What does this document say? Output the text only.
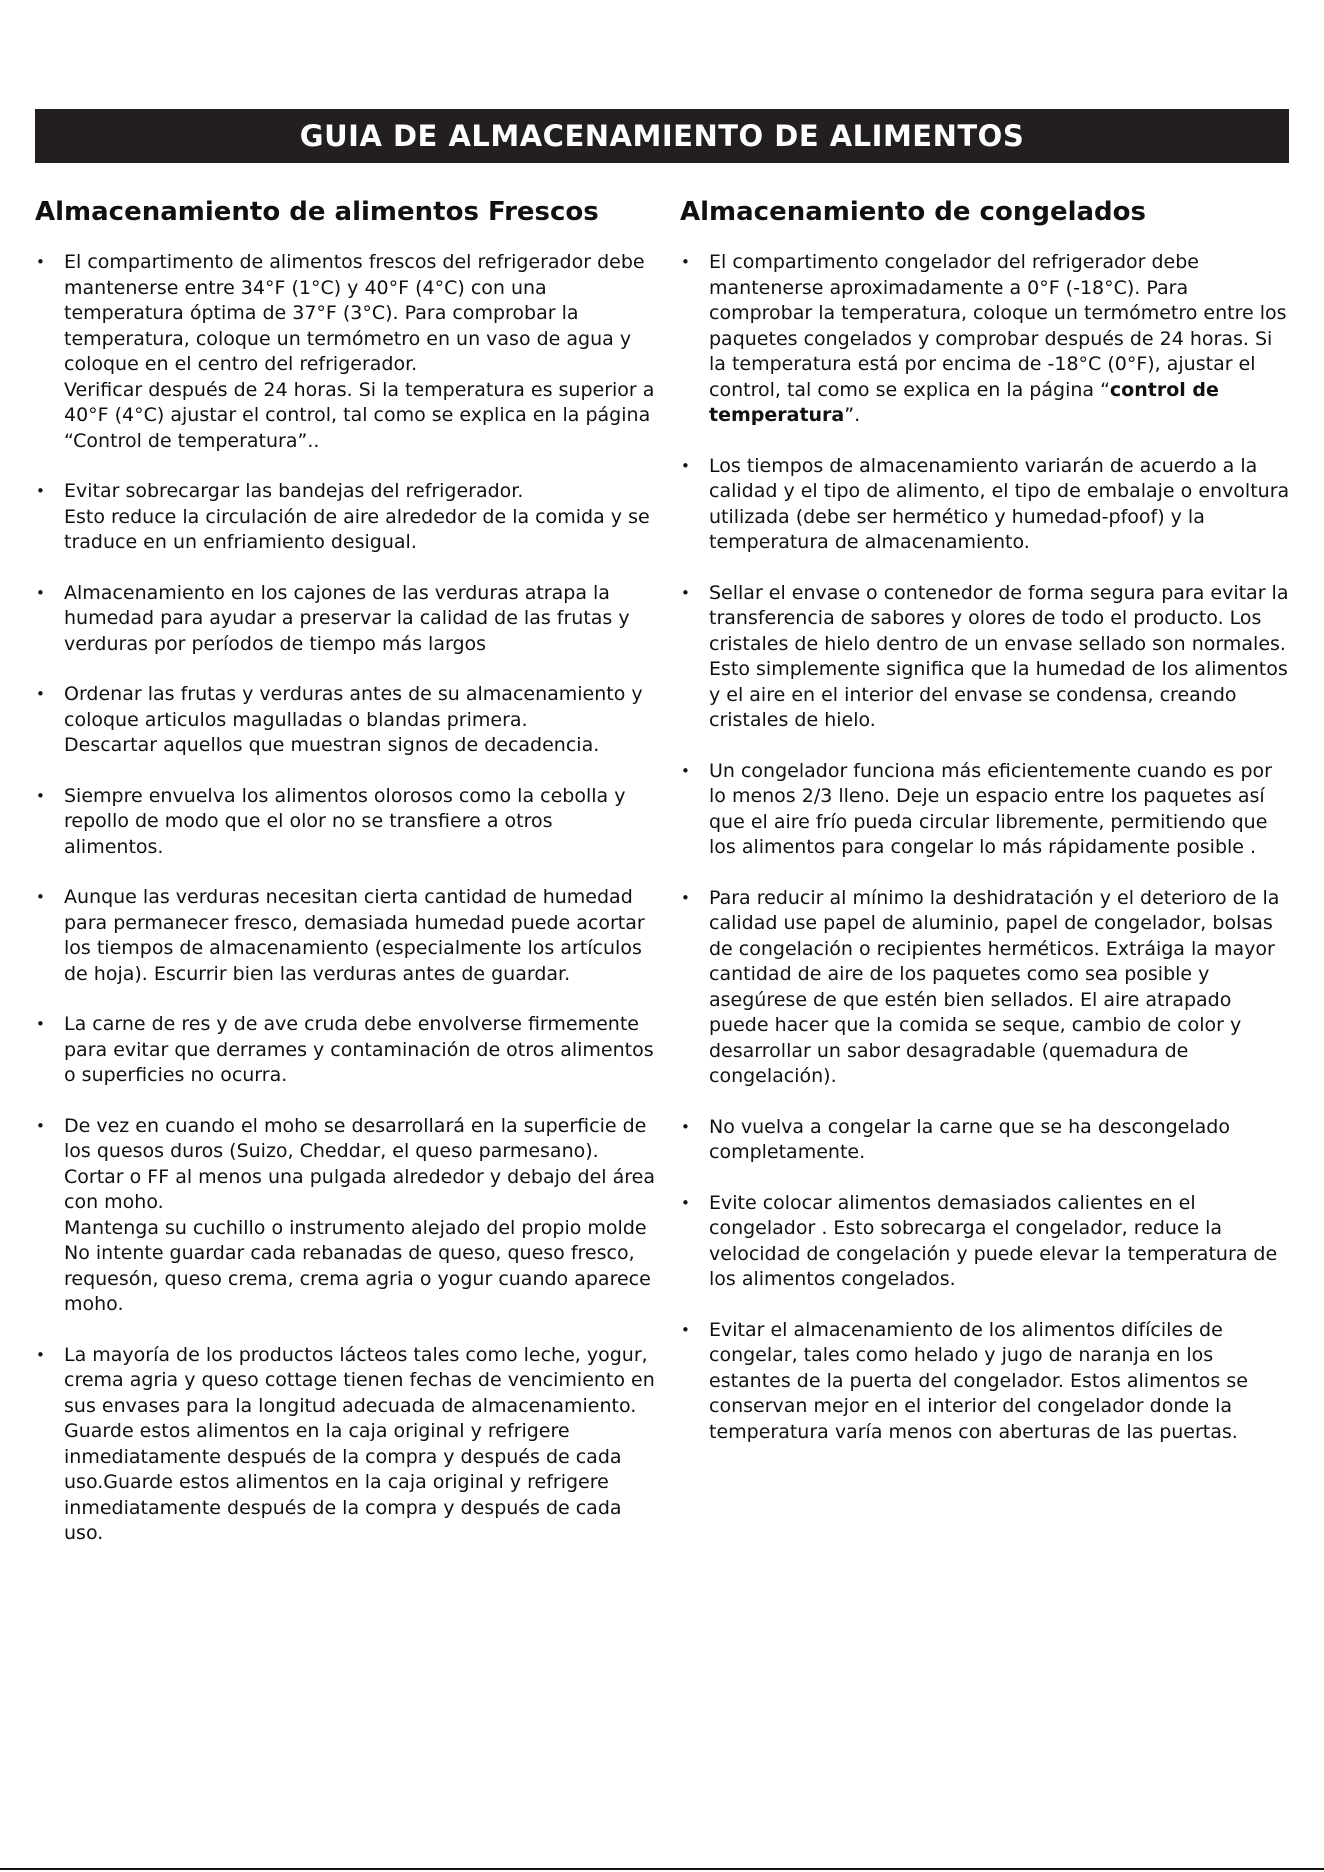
GUIA DE ALMACENAMIENTO DE ALIMENTOS
Almacenamiento de alimentos Frescos
• El compartimento de alimentos frescos del refrigerador debe mantenerse entre 34°F (1°C) y 40°F (4°C) con una temperatura óptima de 37°F (3°C). Para comprobar la temperatura, coloque un termómetro en un vaso de agua y coloque en el centro del refrigerador.

Verificar después de 24 horas. Si la temperatura es superior a 40°F (4°C) ajustar el control, tal como se explica en la página “Control de temperatura”..

• Evitar sobrecargar las bandejas del refrigerador.

Esto reduce la circulación de aire alrededor de la comida y se traduce en un enfriamiento desigual.

• Almacenamiento en los cajones de las verduras atrapa la humedad para ayudar a preservar la calidad de las frutas y verduras por períodos de tiempo más largos

• Ordenar las frutas y verduras antes de su almacenamiento y coloque articulos magulladas o blandas primera.

Descartar aquellos que muestran signos de decadencia.

• Siempre envuelva los alimentos olorosos como la cebolla y repollo de modo que el olor no se transfiere a otros alimentos.

• Aunque las verduras necesitan cierta cantidad de humedad para permanecer fresco, demasiada humedad puede acortar los tiempos de almacenamiento (especialmente los artículos de hoja). Escurrir bien las verduras antes de guardar.

• La carne de res y de ave cruda debe envolverse firmemente para evitar que derrames y contaminación de otros alimentos o superficies no ocurra.

• De vez en cuando el moho se desarrollará en la superficie de los quesos duros (Suizo, Cheddar, el queso parmesano). Cortar o FF al menos una pulgada alrededor y debajo del área con moho.

Mantenga su cuchillo o instrumento alejado del propio molde

No intente guardar cada rebanadas de queso, queso fresco, requesón, queso crema, crema agria o yogur cuando aparece moho.

• La mayoría de los productos lácteos tales como leche, yogur, crema agria y queso cottage tienen fechas de vencimiento en sus envases para la longitud adecuada de almacenamiento.

Guarde estos alimentos en la caja original y refrigere inmediatamente después de la compra y después de cada uso.Guarde estos alimentos en la caja original y refrigere inmediatamente después de la compra y después de cada uso.

Almacenamiento de congelados
• El compartimento congelador del refrigerador debe mantenerse aproximadamente a 0°F (-18°C). Para comprobar la temperatura, coloque un termómetro entre los paquetes congelados y comprobar después de 24 horas. Si la temperatura está por encima de -18°C (0°F), ajustar el control, tal como se explica en la página “control de temperatura”.

• Los tiempos de almacenamiento variarán de acuerdo a la calidad y el tipo de alimento, el tipo de embalaje o envoltura utilizada (debe ser hermético y humedad-pfoof) y la temperatura de almacenamiento.

• Sellar el envase o contenedor de forma segura para evitar la transferencia de sabores y olores de todo el producto. Los cristales de hielo dentro de un envase sellado son normales. Esto simplemente significa que la humedad de los alimentos y el aire en el interior del envase se condensa, creando cristales de hielo.

• Un congelador funciona más eficientemente cuando es por lo menos 2/3 lleno. Deje un espacio entre los paquetes así que el aire frío pueda circular libremente, permitiendo que los alimentos para congelar lo más rápidamente posible .

• Para reducir al mínimo la deshidratación y el deterioro de la calidad use papel de aluminio, papel de congelador, bolsas de congelación o recipientes herméticos. Extráiga la mayor cantidad de aire de los paquetes como sea posible y asegúrese de que estén bien sellados. El aire atrapado puede hacer que la comida se seque, cambio de color y desarrollar un sabor desagradable (quemadura de congelación).

• No vuelva a congelar la carne que se ha descongelado completamente.

• Evite colocar alimentos demasiados calientes en el congelador . Esto sobrecarga el congelador, reduce la velocidad de congelación y puede elevar la temperatura de los alimentos congelados.

• Evitar el almacenamiento de los alimentos difíciles de congelar, tales como helado y jugo de naranja en los estantes de la puerta del congelador. Estos alimentos se conservan mejor en el interior del congelador donde la temperatura varía menos con aberturas de las puertas.
